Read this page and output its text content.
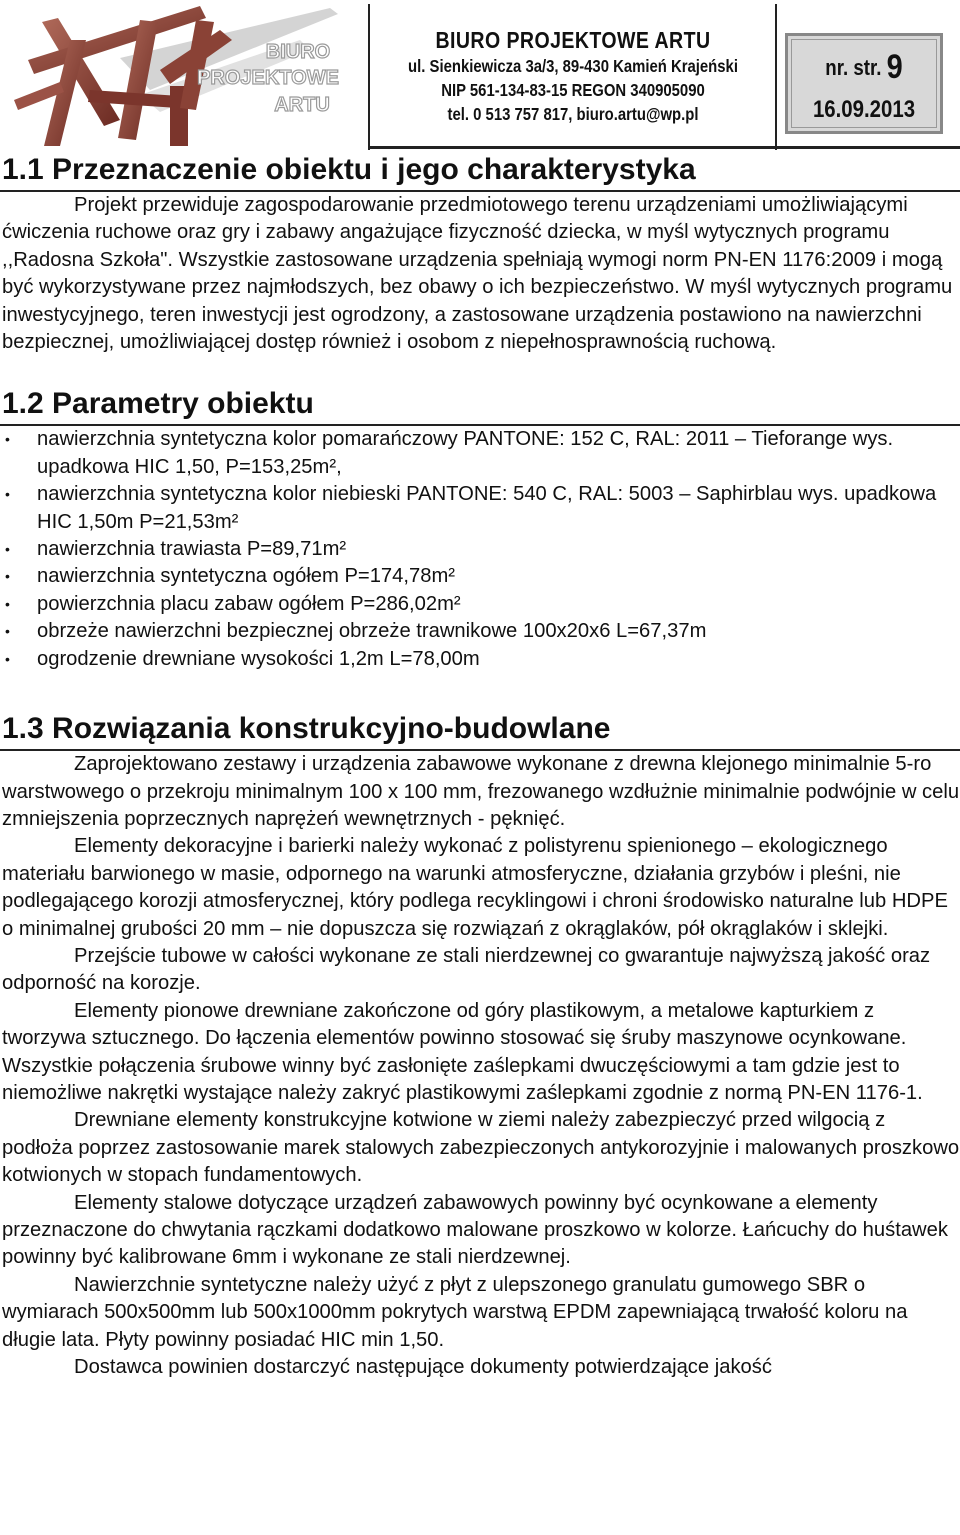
BIURO
PROJEKTOWE
ARTU
BIURO PROJEKTOWE ARTU
ul. Sienkiewicza 3a/3, 89-430 Kamień Krajeński
NIP 561-134-83-15 REGON 340905090
tel. 0 513 757 817, biuro.artu@wp.pl
nr. str. 9
16.09.2013
1.1 Przeznaczenie obiektu i jego charakterystyka

Projekt przewiduje zagospodarowanie przedmiotowego terenu urządzeniami umożliwiającymi ćwiczenia ruchowe oraz gry i zabawy angażujące fizyczność dziecka, w myśl wytycznych programu ,,Radosna Szkoła". Wszystkie zastosowane urządzenia spełniają wymogi norm PN-EN 1176:2009 i mogą być wykorzystywane przez najmłodszych, bez obawy o ich bezpieczeństwo. W myśl wytycznych programu inwestycyjnego, teren inwestycji jest ogrodzony, a zastosowane urządzenia postawiono na nawierzchni bezpiecznej, umożliwiającej dostęp również i osobom z niepełnosprawnością ruchową.

1.2 Parametry obiektu
• nawierzchnia syntetyczna kolor pomarańczowy PANTONE: 152 C, RAL: 2011 – Tieforange wys. upadkowa HIC 1,50, P=153,25m²,
• nawierzchnia syntetyczna kolor niebieski PANTONE: 540 C, RAL: 5003 – Saphirblau wys. upadkowa HIC 1,50m P=21,53m²
• nawierzchnia trawiasta P=89,71m²
• nawierzchnia syntetyczna ogółem P=174,78m²
• powierzchnia placu zabaw ogółem P=286,02m²
• obrzeże nawierzchni bezpiecznej obrzeże trawnikowe 100x20x6 L=67,37m
• ogrodzenie drewniane wysokości 1,2m L=78,00m
1.3 Rozwiązania konstrukcyjno-budowlane

Zaprojektowano zestawy i urządzenia zabawowe wykonane z drewna klejonego minimalnie 5-ro warstwowego o przekroju minimalnym 100 x 100 mm, frezowanego wzdłużnie minimalnie podwójnie w celu zmniejszenia poprzecznych naprężeń wewnętrznych - pęknięć.

Elementy dekoracyjne i barierki należy wykonać z polistyrenu spienionego – ekologicznego materiału barwionego w masie, odpornego na warunki atmosferyczne, działania grzybów i pleśni, nie podlegającego korozji atmosferycznej, który podlega recyklingowi i chroni środowisko naturalne lub HDPE o minimalnej grubości 20 mm – nie dopuszcza się rozwiązań z okrąglaków, pół okrąglaków i sklejki.

Przejście tubowe w całości wykonane ze stali nierdzewnej co gwarantuje najwyższą jakość oraz odporność na korozje.

Elementy pionowe drewniane zakończone od góry plastikowym, a metalowe kapturkiem z tworzywa sztucznego. Do łączenia elementów powinno stosować się śruby maszynowe ocynkowane. Wszystkie połączenia śrubowe winny być zasłonięte zaślepkami dwuczęściowymi a tam gdzie jest to niemożliwe nakrętki wystające należy zakryć plastikowymi zaślepkami zgodnie z normą PN-EN 1176-1.

Drewniane elementy konstrukcyjne kotwione w ziemi należy zabezpieczyć przed wilgocią z podłoża poprzez zastosowanie marek stalowych zabezpieczonych antykorozyjnie i malowanych proszkowo kotwionych w stopach fundamentowych.

Elementy stalowe dotyczące urządzeń zabawowych powinny być ocynkowane a elementy przeznaczone do chwytania rączkami dodatkowo malowane proszkowo w kolorze. Łańcuchy do huśtawek powinny być kalibrowane 6mm i wykonane ze stali nierdzewnej.

Nawierzchnie syntetyczne należy użyć z płyt z ulepszonego granulatu gumowego SBR o wymiarach 500x500mm lub 500x1000mm pokrytych warstwą EPDM zapewniającą trwałość koloru na długie lata. Płyty powinny posiadać HIC min 1,50.

Dostawca powinien dostarczyć następujące dokumenty potwierdzające jakość
